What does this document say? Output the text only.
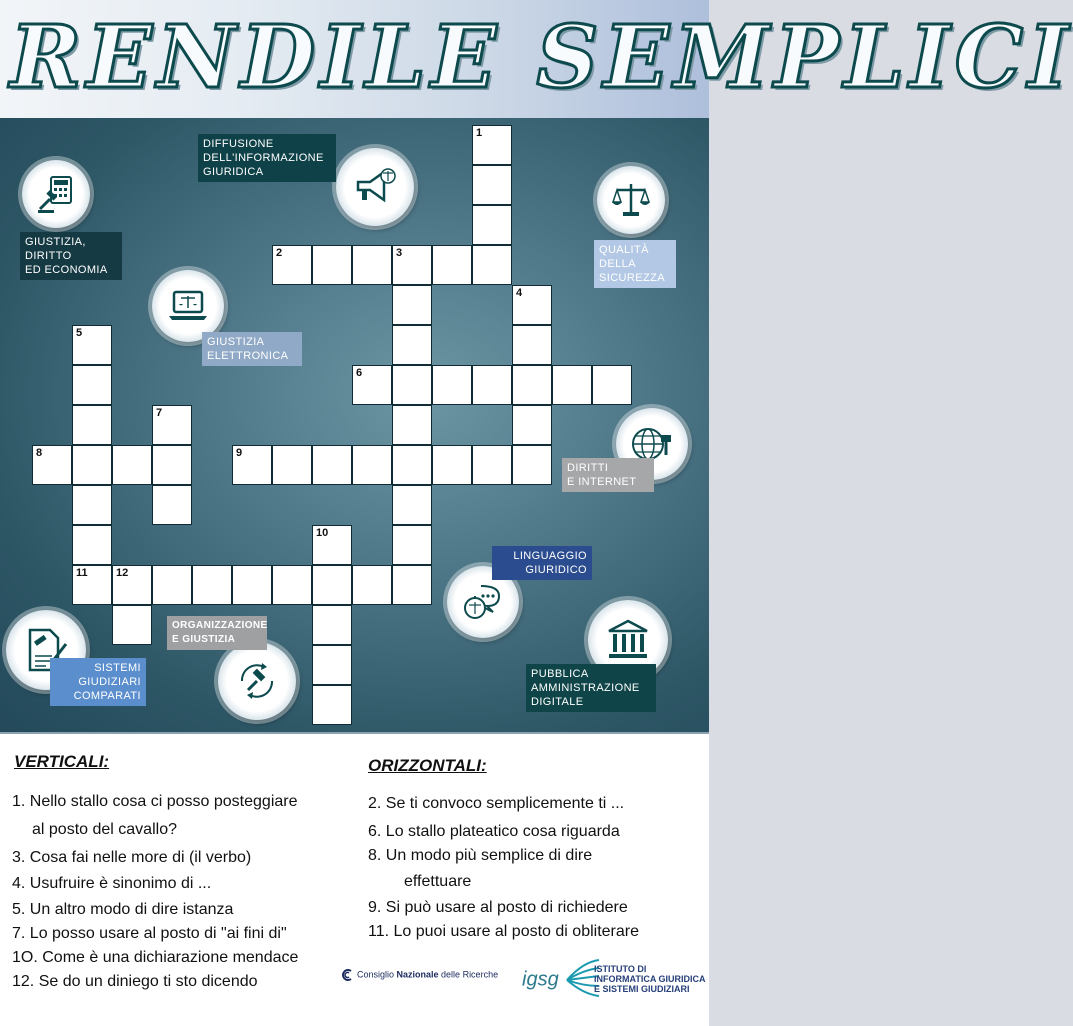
RENDILE SEMPLICI
GIUSTIZIA,
DIRITTO
ED ECONOMIA
DIFFUSIONE
DELL'INFORMAZIONE
GIURIDICA
QUALITÀ
DELLA
SICUREZZA
GIUSTIZIA
ELETTRONICA
DIRITTI
E INTERNET
LINGUAGGIO
GIURIDICO
SISTEMI
GIUDIZIARI
COMPARATI
ORGANIZZAZIONE
E GIUSTIZIA
PUBBLICA
AMMINISTRAZIONE
DIGITALE
2	3
6
8	9
11	12
1
4
5
7
10
VERTICALI:
1. Nello stallo cosa ci posso posteggiare
al posto del cavallo?
3. Cosa fai nelle more di (il verbo)
4. Usufruire è sinonimo di ...
5. Un altro modo di dire istanza
7. Lo posso usare al posto di "ai fini di"
1O. Come è una dichiarazione mendace
12. Se do un diniego ti sto dicendo
ORIZZONTALI:
2. Se ti convoco semplicemente ti ...
6. Lo stallo plateatico cosa riguarda
8. Un modo più semplice di dire
effettuare
9. Si può usare al posto di richiedere
11. Lo puoi usare al posto di obliterare
Consiglio Nazionale delle Ricerche igsg	ISTITUTO DI
INFORMATICA GIURIDICA
E SISTEMI GIUDIZIARI
